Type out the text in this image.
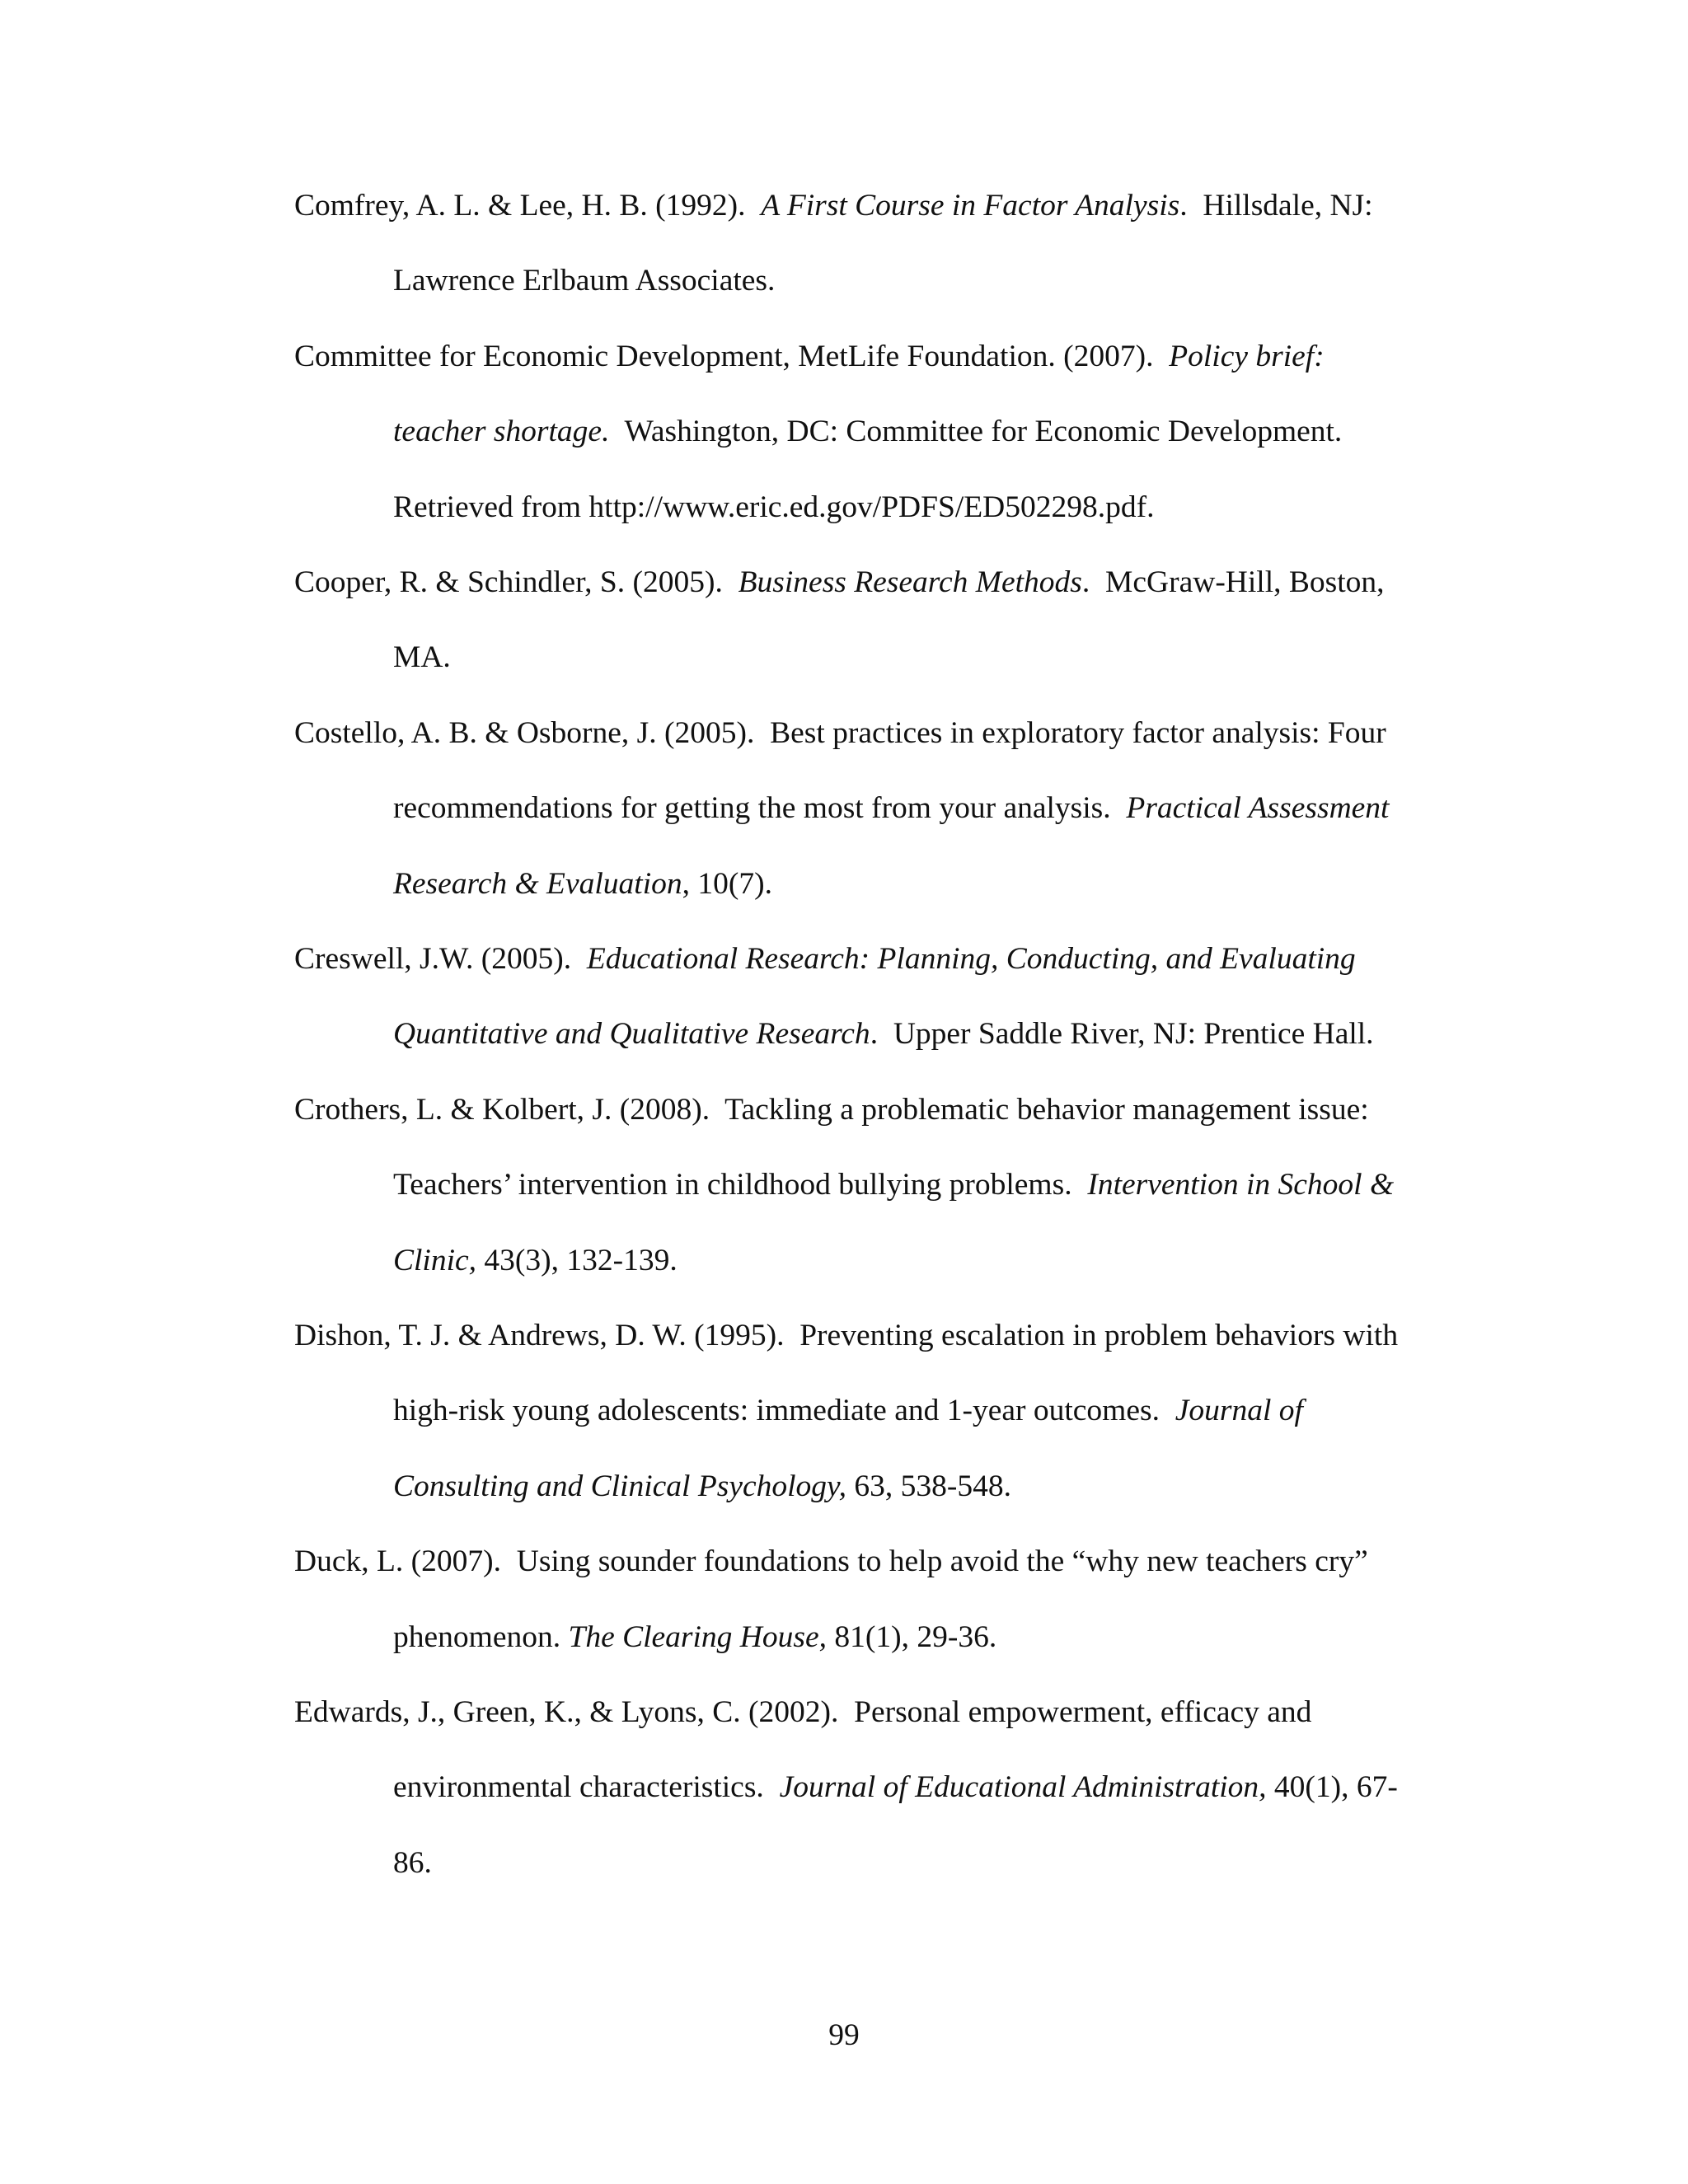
Comfrey, A. L. & Lee, H. B. (1992).  A First Course in Factor Analysis.  Hillsdale, NJ:
Lawrence Erlbaum Associates.
Committee for Economic Development, MetLife Foundation. (2007).  Policy brief:
teacher shortage.  Washington, DC: Committee for Economic Development.
Retrieved from http://www.eric.ed.gov/PDFS/ED502298.pdf.
Cooper, R. & Schindler, S. (2005).  Business Research Methods.  McGraw-Hill, Boston,
MA.
Costello, A. B. & Osborne, J. (2005).  Best practices in exploratory factor analysis: Four
recommendations for getting the most from your analysis.  Practical Assessment
Research & Evaluation, 10(7).
Creswell, J.W. (2005).  Educational Research: Planning, Conducting, and Evaluating
Quantitative and Qualitative Research.  Upper Saddle River, NJ: Prentice Hall.
Crothers, L. & Kolbert, J. (2008).  Tackling a problematic behavior management issue:
Teachers’ intervention in childhood bullying problems.  Intervention in School &
Clinic, 43(3), 132-139.
Dishon, T. J. & Andrews, D. W. (1995).  Preventing escalation in problem behaviors with
high-risk young adolescents: immediate and 1-year outcomes.  Journal of
Consulting and Clinical Psychology, 63, 538-548.
Duck, L. (2007).  Using sounder foundations to help avoid the “why new teachers cry”
phenomenon. The Clearing House, 81(1), 29-36.
Edwards, J., Green, K., & Lyons, C. (2002).  Personal empowerment, efficacy and
environmental characteristics.  Journal of Educational Administration, 40(1), 67-
86.
99
